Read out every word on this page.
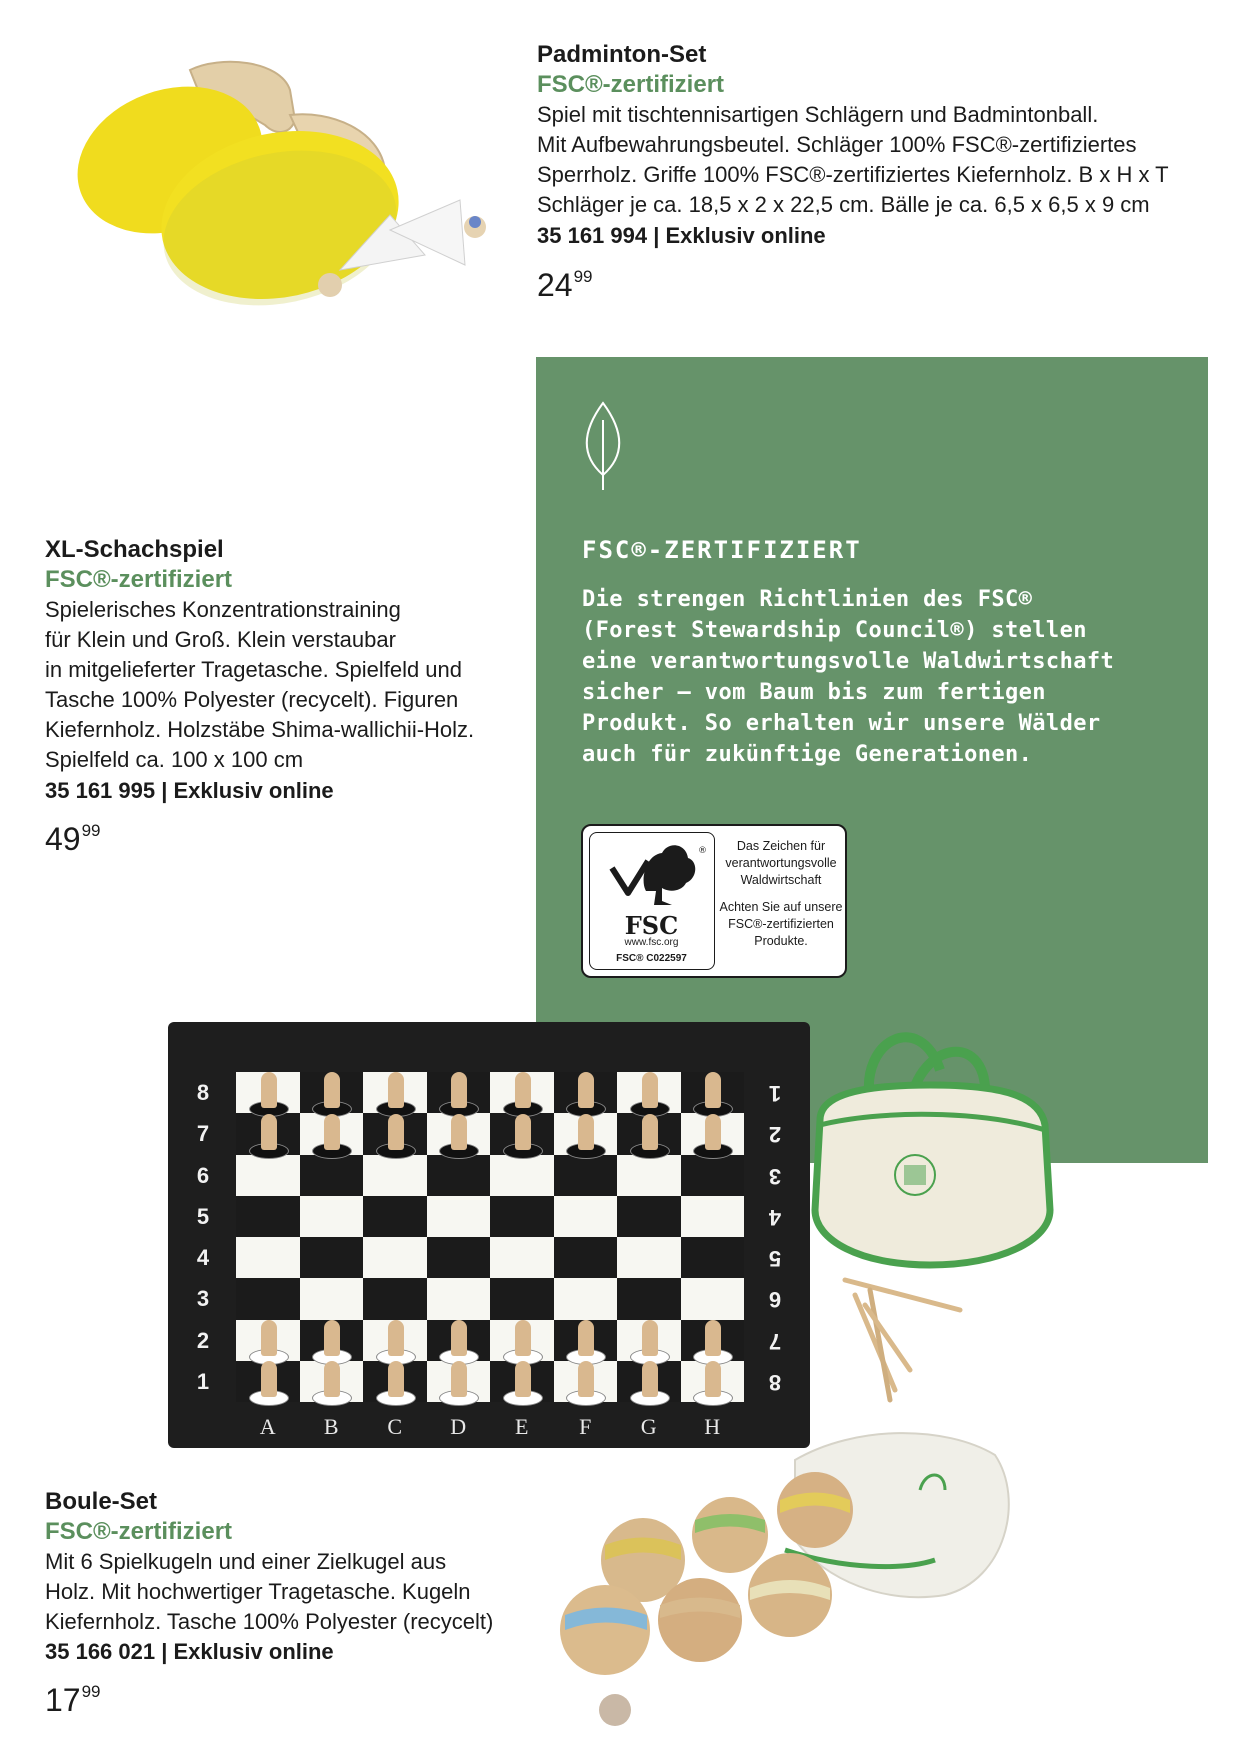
Padminton-Set
FSC®-zertifiziert
Spiel mit tischtennisartigen Schlägern und Badmintonball.
Mit Aufbewahrungsbeutel. Schläger 100% FSC®-zertifiziertes
Sperrholz. Griffe 100% FSC®-zertifiziertes Kiefernholz. B x H x T
Schläger je ca. 18,5 x 2 x 22,5 cm. Bälle je ca. 6,5 x 6,5 x 9 cm
35 161 994 | Exklusiv online
$24^{99}$
FSC®-ZERTIFIZIERT
Die strengen Richtlinien des FSC®
(Forest Stewardship Council®) stellen
eine verantwortungsvolle Waldwirtschaft
sicher – vom Baum bis zum fertigen
Produkt. So erhalten wir unsere Wälder
auch für zukünftige Generationen.
®
FSC
www.fsc.org
FSC® C022597

Das Zeichen für verantwortungsvolle Waldwirtschaft

Achten Sie auf unsere FSC®-zertifizierten Produkte.

XL-Schachspiel
FSC®-zertifiziert
Spielerisches Konzentrationstraining
für Klein und Groß. Klein verstaubar
in mitgelieferter Tragetasche. Spielfeld und
Tasche 100% Polyester (recycelt). Figuren
Kiefernholz. Holzstäbe Shima-wallichii-Holz.
Spielfeld ca. 100 x 100 cm
35 161 995 | Exklusiv online
$49^{99}$
8
7
6
5
4
3
2
1
1
2
3
4
5
6
7
8
A	B	C	D	E	F	G	H
Boule-Set
FSC®-zertifiziert
Mit 6 Spielkugeln und einer Zielkugel aus
Holz. Mit hochwertiger Tragetasche. Kugeln
Kiefernholz. Tasche 100% Polyester (recycelt)
35 166 021 | Exklusiv online
$17^{99}$
